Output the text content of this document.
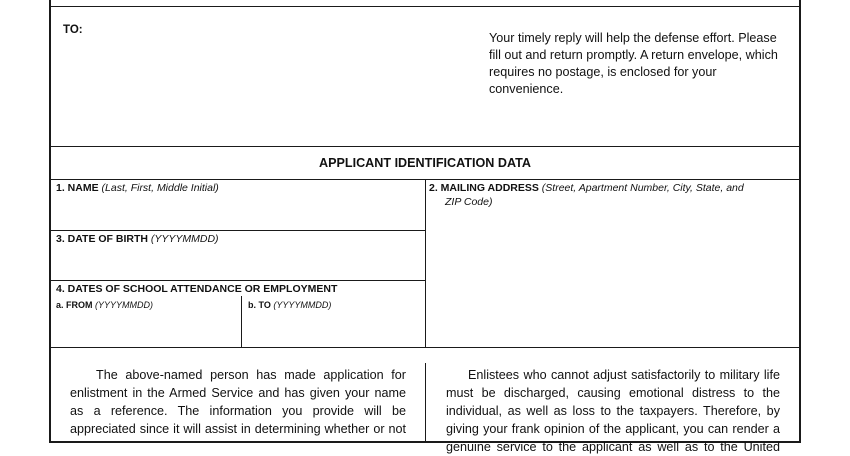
TO:
Your timely reply will help the defense effort. Please
fill out and return promptly. A return envelope, which
requires no postage, is enclosed for your
convenience.
APPLICANT IDENTIFICATION DATA
1. NAME (Last, First, Middle Initial)	2. MAILING ADDRESS (Street, Apartment Number, City, State, and
ZIP Code)
3. DATE OF BIRTH (YYYYMMDD)
4. DATES OF SCHOOL ATTENDANCE OR EMPLOYMENT
a. FROM (YYYYMMDD)	b. TO (YYYYMMDD)
The above-named person has made application for
enlistment in the Armed Service and has given your name
as a reference. The information you provide will be
appreciated since it will assist in determining whether or not
Enlistees who cannot adjust satisfactorily to military life
must be discharged, causing emotional distress to the
individual, as well as loss to the taxpayers. Therefore, by
giving your frank opinion of the applicant, you can render a
genuine service to the applicant as well as to the United
